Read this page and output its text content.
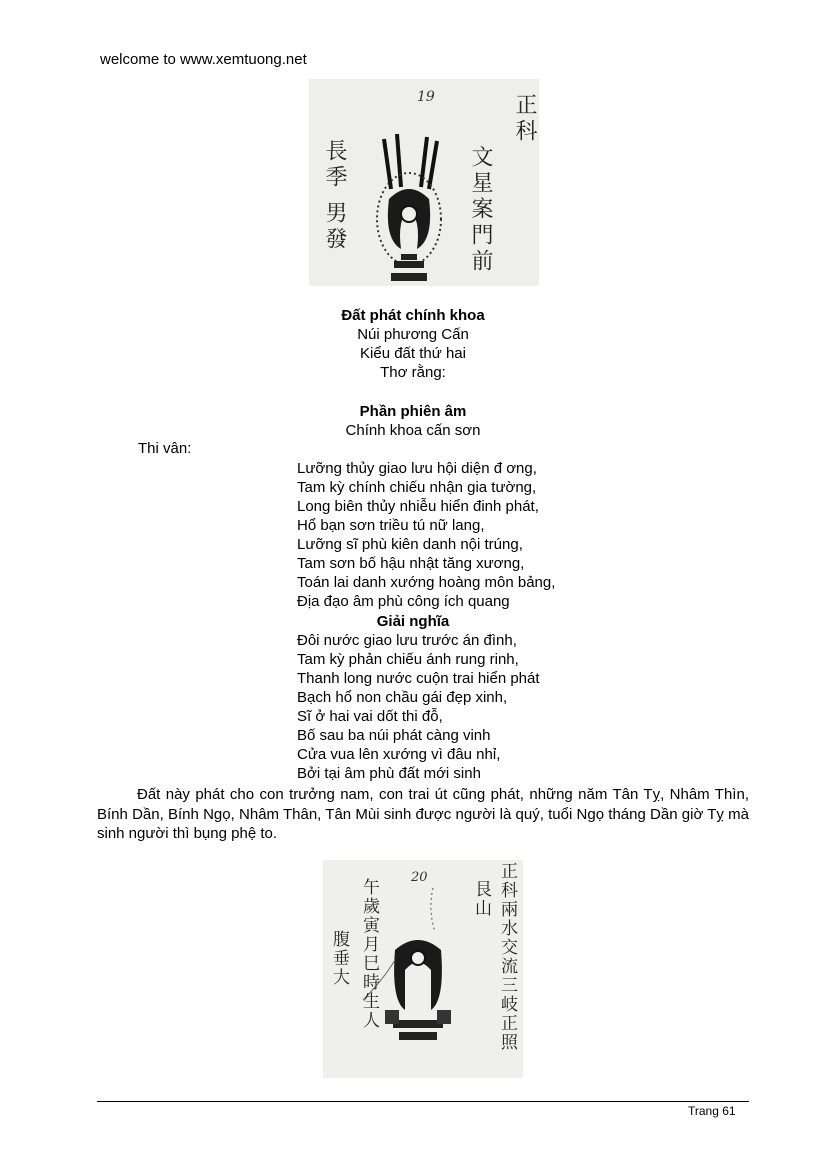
welcome to www.xemtuong.net
19	正科
文星案門前
長季
男發
Đất phát chính khoa
Núi phương Cấn
Kiểu đất thứ hai
Thơ rằng:
Phần phiên âm
Chính khoa cấn sơn
Thi vân:
Lưỡng thủy giao lưu hội diện đ ơng,
Tam kỳ chính chiếu nhận gia tường,
Long biên thủy nhiễu hiển đinh phát,
Hổ bạn sơn triều tú nữ lang,
Lưỡng sĩ phù kiên danh nội trúng,
Tam sơn bố hậu nhật tăng xương,
Toán lai danh xướng hoàng môn bảng,
Địa đạo âm phù công ích quang
Giải nghĩa
Đôi nước giao lưu trước án đình,
Tam kỳ phản chiếu ánh rung rinh,
Thanh long nước cuộn trai hiển phát
Bạch hổ non chầu gái đẹp xinh,
Sĩ ở hai vai dốt thi đỗ,
Bố sau ba núi phát càng vinh
Cửa vua lên xướng vì đâu nhỉ,
Bởi tại âm phù đất mới sinh
Đất này phát cho con trưởng nam, con trai út cũng phát, những năm Tân Tỵ, Nhâm Thìn, Bính Dần, Bính Ngọ, Nhâm Thân, Tân Mùi sinh được người là quý, tuổi Ngọ tháng Dần giờ Tỵ mà sinh người thì bụng phệ to.
20	正科兩水交流三岐正照
艮山
午歲寅月巳時生人
腹垂大
Trang 61
